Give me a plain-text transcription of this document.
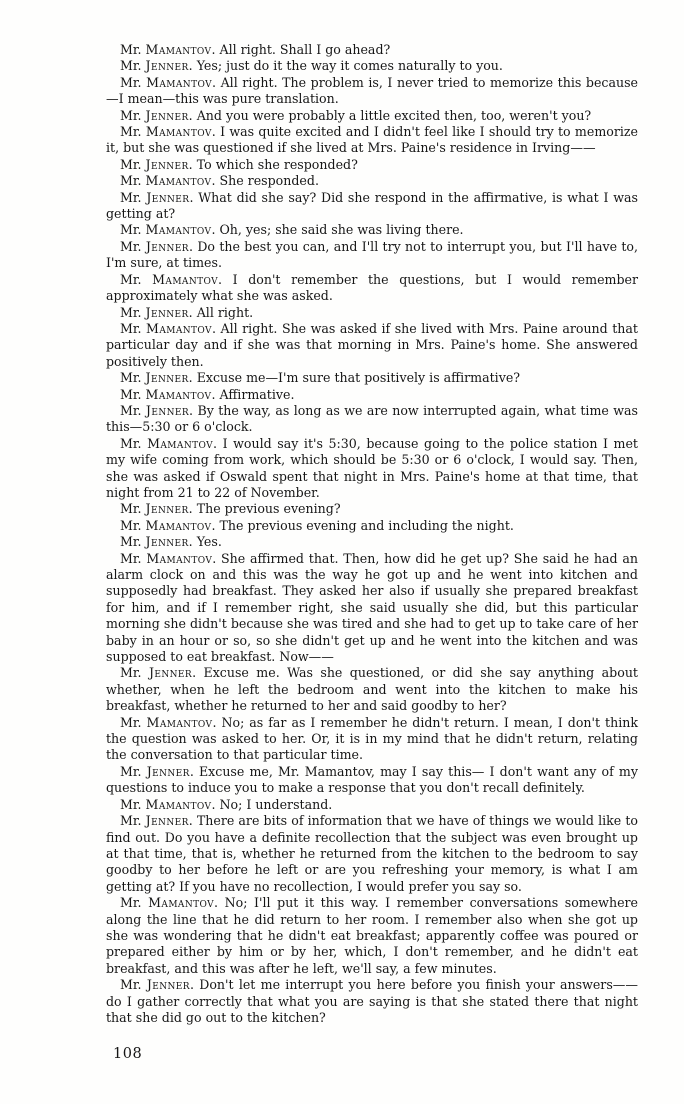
Mr. Mamantov. All right. Shall I go ahead?

Mr. Jenner. Yes; just do it the way it comes naturally to you.

Mr. Mamantov. All right. The problem is, I never tried to memorize this because—I mean—this was pure translation.

Mr. Jenner. And you were probably a little excited then, too, weren't you?

Mr. Mamantov. I was quite excited and I didn't feel like I should try to memorize it, but she was questioned if she lived at Mrs. Paine's residence in Irving——

Mr. Jenner. To which she responded?

Mr. Mamantov. She responded.

Mr. Jenner. What did she say? Did she respond in the affirmative, is what I was getting at?

Mr. Mamantov. Oh, yes; she said she was living there.

Mr. Jenner. Do the best you can, and I'll try not to interrupt you, but I'll have to, I'm sure, at times.

Mr. Mamantov. I don't remember the questions, but I would remember approximately what she was asked.

Mr. Jenner. All right.

Mr. Mamantov. All right. She was asked if she lived with Mrs. Paine around that particular day and if she was that morning in Mrs. Paine's home. She answered positively then.

Mr. Jenner. Excuse me—I'm sure that positively is affirmative?

Mr. Mamantov. Affirmative.

Mr. Jenner. By the way, as long as we are now interrupted again, what time was this—5:30 or 6 o'clock.

Mr. Mamantov. I would say it's 5:30, because going to the police station I met my wife coming from work, which should be 5:30 or 6 o'clock, I would say. Then, she was asked if Oswald spent that night in Mrs. Paine's home at that time, that night from 21 to 22 of November.

Mr. Jenner. The previous evening?

Mr. Mamantov. The previous evening and including the night.

Mr. Jenner. Yes.

Mr. Mamantov. She affirmed that. Then, how did he get up? She said he had an alarm clock on and this was the way he got up and he went into kitchen and supposedly had breakfast. They asked her also if usually she prepared breakfast for him, and if I remember right, she said usually she did, but this particular morning she didn't because she was tired and she had to get up to take care of her baby in an hour or so, so she didn't get up and he went into the kitchen and was supposed to eat breakfast. Now——

Mr. Jenner. Excuse me. Was she questioned, or did she say anything about whether, when he left the bedroom and went into the kitchen to make his breakfast, whether he returned to her and said goodby to her?

Mr. Mamantov. No; as far as I remember he didn't return. I mean, I don't think the question was asked to her. Or, it is in my mind that he didn't return, relating the conversation to that particular time.

Mr. Jenner. Excuse me, Mr. Mamantov, may I say this— I don't want any of my questions to induce you to make a response that you don't recall definitely.

Mr. Mamantov. No; I understand.

Mr. Jenner. There are bits of information that we have of things we would like to find out. Do you have a definite recollection that the subject was even brought up at that time, that is, whether he returned from the kitchen to the bedroom to say goodby to her before he left or are you refreshing your memory, is what I am getting at? If you have no recollection, I would prefer you say so.

Mr. Mamantov. No; I'll put it this way. I remember conversations somewhere along the line that he did return to her room. I remember also when she got up she was wondering that he didn't eat breakfast; apparently coffee was poured or prepared either by him or by her, which, I don't remember, and he didn't eat breakfast, and this was after he left, we'll say, a few minutes.

Mr. Jenner. Don't let me interrupt you here before you finish your answers——do I gather correctly that what you are saying is that she stated there that night that she did go out to the kitchen?

108
